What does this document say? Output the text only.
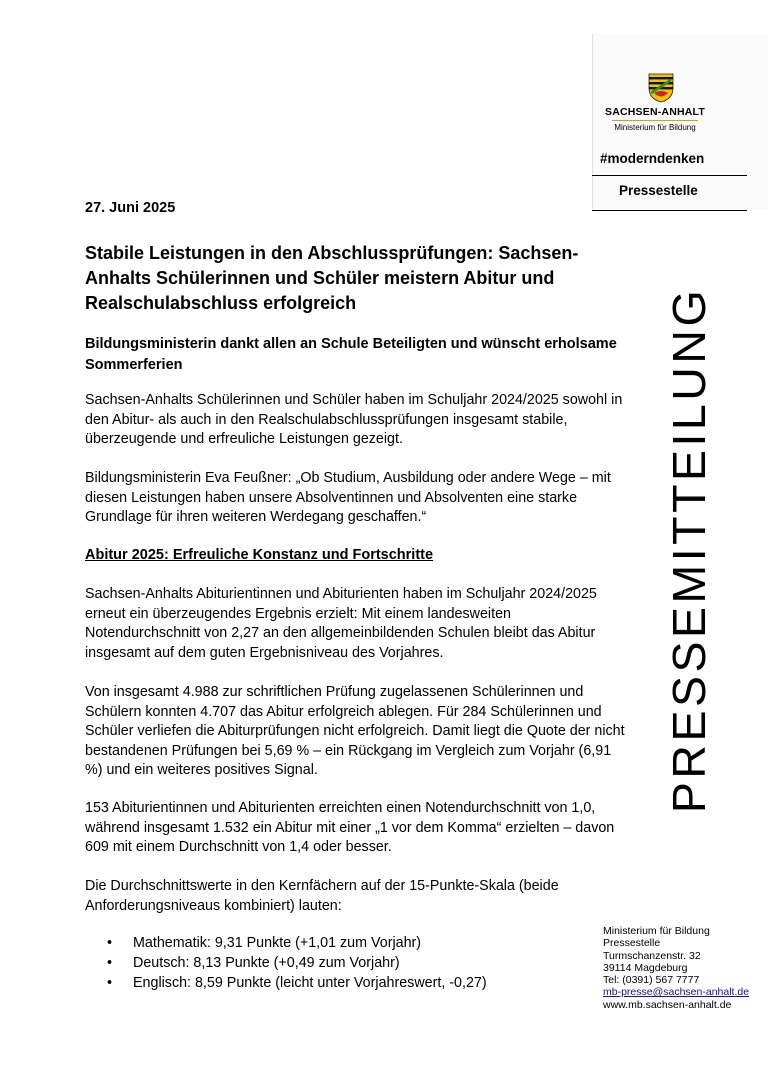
SACHSEN-ANHALT
Ministerium für Bildung
#moderndenken
Pressestelle
PRESSEMITTEILUNG
27. Juni 2025
Stabile Leistungen in den Abschlussprüfungen: Sachsen-Anhalts Schülerinnen und Schüler meistern Abitur und Realschulabschluss erfolgreich
Bildungsministerin dankt allen an Schule Beteiligten und wünscht erholsame Sommerferien

Sachsen-Anhalts Schülerinnen und Schüler haben im Schuljahr 2024/2025 sowohl in den Abitur- als auch in den Realschulabschlussprüfungen insgesamt stabile, überzeugende und erfreuliche Leistungen gezeigt.

Bildungsministerin Eva Feußner: „Ob Studium, Ausbildung oder andere Wege – mit diesen Leistungen haben unsere Absolventinnen und Absolventen eine starke Grundlage für ihren weiteren Werdegang geschaffen.“

Abitur 2025: Erfreuliche Konstanz und Fortschritte

Sachsen-Anhalts Abiturientinnen und Abiturienten haben im Schuljahr 2024/2025 erneut ein überzeugendes Ergebnis erzielt: Mit einem landesweiten Notendurchschnitt von 2,27 an den allgemeinbildenden Schulen bleibt das Abitur insgesamt auf dem guten Ergebnisniveau des Vorjahres.

Von insgesamt 4.988 zur schriftlichen Prüfung zugelassenen Schülerinnen und Schülern konnten 4.707 das Abitur erfolgreich ablegen. Für 284 Schülerinnen und Schüler verliefen die Abiturprüfungen nicht erfolgreich. Damit liegt die Quote der nicht bestandenen Prüfungen bei 5,69 % – ein Rückgang im Vergleich zum Vorjahr (6,91 %) und ein weiteres positives Signal.

153 Abiturientinnen und Abiturienten erreichten einen Notendurchschnitt von 1,0, während insgesamt 1.532 ein Abitur mit einer „1 vor dem Komma“ erzielten – davon 609 mit einem Durchschnitt von 1,4 oder besser.

Die Durchschnittswerte in den Kernfächern auf der 15-Punkte-Skala (beide Anforderungsniveaus kombiniert) lauten:

• Mathematik: 9,31 Punkte (+1,01 zum Vorjahr)
• Deutsch: 8,13 Punkte (+0,49 zum Vorjahr)
• Englisch: 8,59 Punkte (leicht unter Vorjahreswert, -0,27)
Ministerium für Bildung
Pressestelle
Turmschanzenstr. 32
39114 Magdeburg
Tel: (0391) 567 7777
mb-presse@sachsen-anhalt.de
www.mb.sachsen-anhalt.de
